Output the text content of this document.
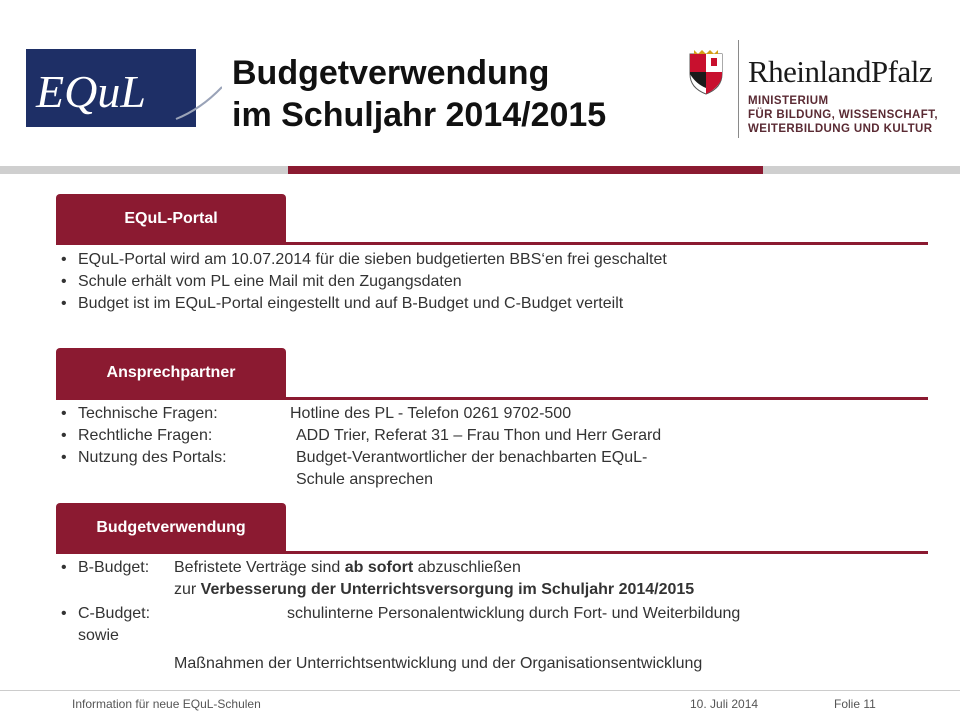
EQuL	Budgetverwendung
im Schuljahr 2014/2015
RheinlandPfalz
MINISTERIUM
FÜR BILDUNG, WISSENSCHAFT,
WEITERBILDUNG UND KULTUR
EQuL-Portal
• EQuL-Portal wird am 10.07.2014 für die sieben budgetierten BBS‘en frei geschaltet
• Schule erhält vom PL eine Mail mit den Zugangsdaten
• Budget ist im EQuL-Portal eingestellt und auf B-Budget und C-Budget verteilt
Ansprechpartner
• Technische Fragen:	Hotline des PL - Telefon 0261 9702-500
• Rechtliche Fragen:	ADD Trier, Referat 31 – Frau Thon und Herr Gerard
• Nutzung des Portals:	Budget-Verantwortlicher der benachbarten EQuL-
Schule ansprechen
Budgetverwendung
• B-Budget: Befristete Verträge sind ab sofort abzuschließen
zur Verbesserung der Unterrichtsversorgung im Schuljahr 2014/2015
• C-Budget:	schulinterne Personalentwicklung durch Fort- und Weiterbildung
sowie
Maßnahmen der Unterrichtsentwicklung und der Organisationsentwicklung
Information für neue EQuL-Schulen	10. Juli 2014	Folie 11
